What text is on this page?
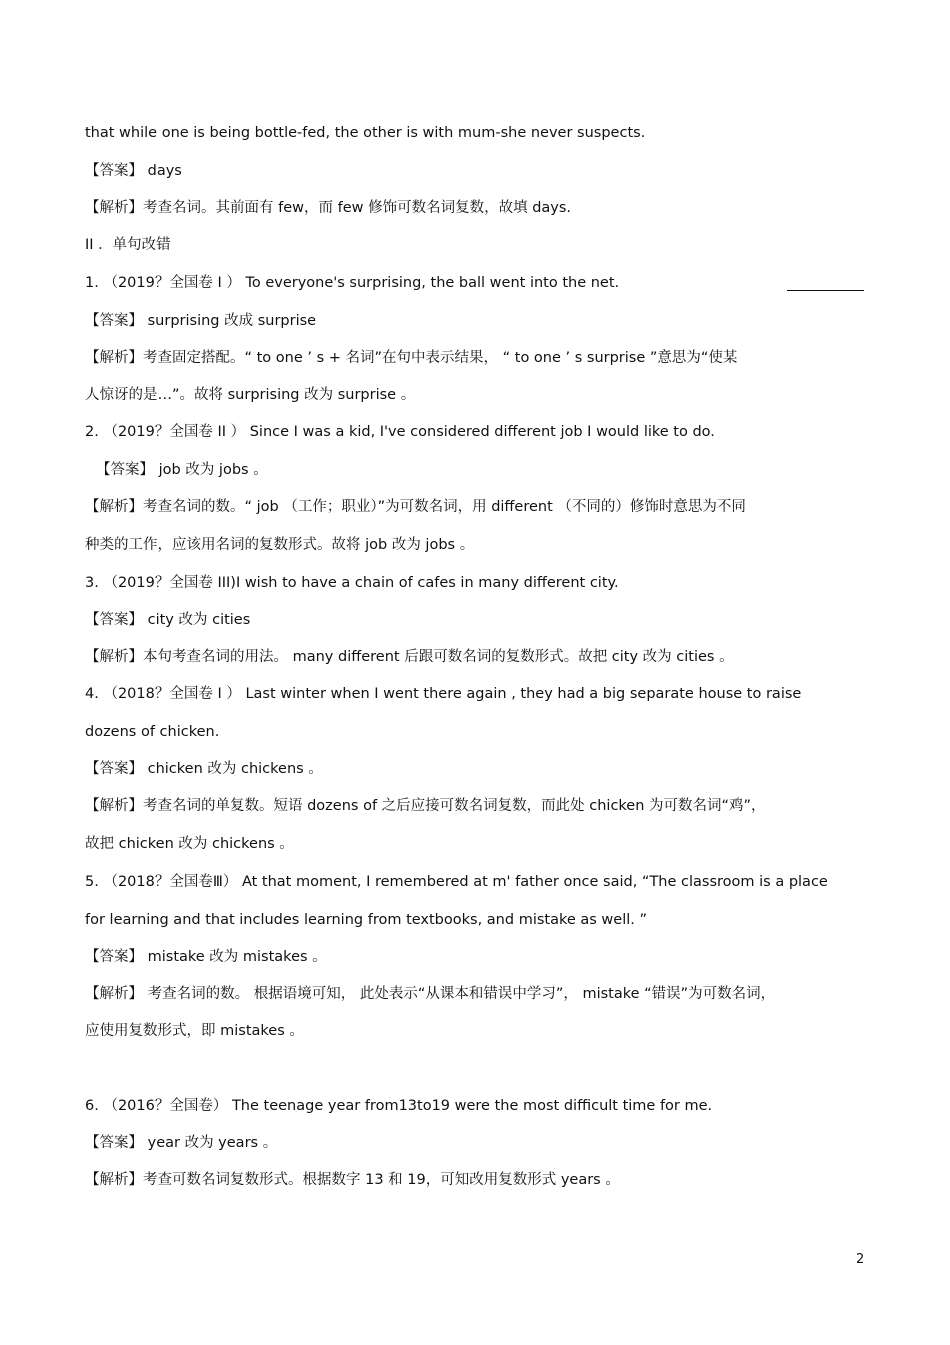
that while one is being bottle-fed, the other is with mum-she never suspects.
【答案】 days
【解析】考查名词。其前面有 few，而 few 修饰可数名词复数，故填 days.
II ．单句改错
1. （2019？全国卷 I ） To everyone's surprising, the ball went into the net.
【答案】 surprising 改成 surprise
【解析】考查固定搭配。“ to one ’ s + 名词”在句中表示结果， “ to one ’ s surprise ”意思为“使某
人惊讶的是…”。故将 surprising 改为 surprise 。
2. （2019？全国卷 II ） Since I was a kid, I've considered different job I would like to do.
【答案】 job 改为 jobs 。
【解析】考查名词的数。“ job （工作；职业）”为可数名词，用 different （不同的）修饰时意思为不同
种类的工作，应该用名词的复数形式。故将 job 改为 jobs 。
3. （2019？全国卷 III)I wish to have a chain of cafes in many different city.
【答案】 city 改为 cities
【解析】本句考查名词的用法。 many different 后跟可数名词的复数形式。故把 city 改为 cities 。
4. （2018？全国卷 I ） Last winter when I went there again , they had a big separate house to raise
dozens of chicken.
【答案】 chicken 改为 chickens 。
【解析】考查名词的单复数。短语 dozens of 之后应接可数名词复数，而此处 chicken 为可数名词“鸡”，
故把 chicken 改为 chickens 。
5. （2018？全国卷Ⅲ） At that moment, I remembered at m' father once said, “The classroom is a place
for learning and that includes learning from textbooks, and mistake as well. ”
【答案】 mistake 改为 mistakes 。
【解析】 考查名词的数。 根据语境可知， 此处表示“从课本和错误中学习”， mistake “错误”为可数名词，
应使用复数形式，即 mistakes 。
6. （2016？全国卷） The teenage year from13to19 were the most difficult time for me.
【答案】 year 改为 years 。
【解析】考查可数名词复数形式。根据数字 13 和 19，可知改用复数形式 years 。
2
